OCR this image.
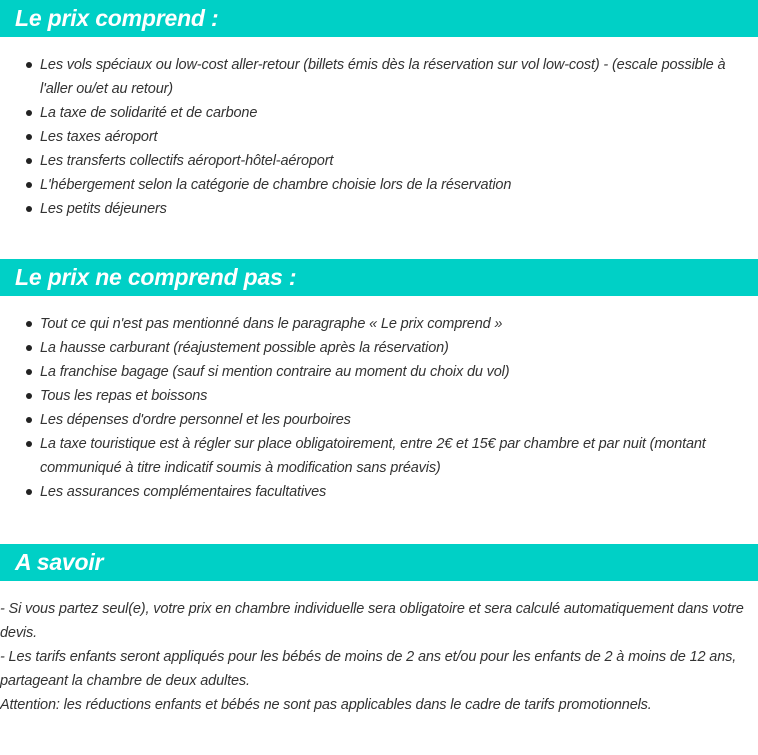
Le prix comprend :
Les vols spéciaux ou low-cost aller-retour (billets émis dès la réservation sur vol low-cost) - (escale possible à l'aller ou/et au retour)
La taxe de solidarité et de carbone
Les taxes aéroport
Les transferts collectifs aéroport-hôtel-aéroport
L'hébergement selon la catégorie de chambre choisie lors de la réservation
Les petits déjeuners
Le prix ne comprend pas :
Tout ce qui n'est pas mentionné dans le paragraphe « Le prix comprend »
La hausse carburant (réajustement possible après la réservation)
La franchise bagage (sauf si mention contraire au moment du choix du vol)
Tous les repas et boissons
Les dépenses d'ordre personnel et les pourboires
La taxe touristique est à régler sur place obligatoirement, entre 2€ et 15€ par chambre et par nuit (montant communiqué à titre indicatif soumis à modification sans préavis)
Les assurances complémentaires facultatives
A savoir

- Si vous partez seul(e), votre prix en chambre individuelle sera obligatoire et sera calculé automatiquement dans votre devis.

- Les tarifs enfants seront appliqués pour les bébés de moins de 2 ans et/ou pour les enfants de 2 à moins de 12 ans, partageant la chambre de deux adultes.

Attention: les réductions enfants et bébés ne sont pas applicables dans le cadre de tarifs promotionnels.
